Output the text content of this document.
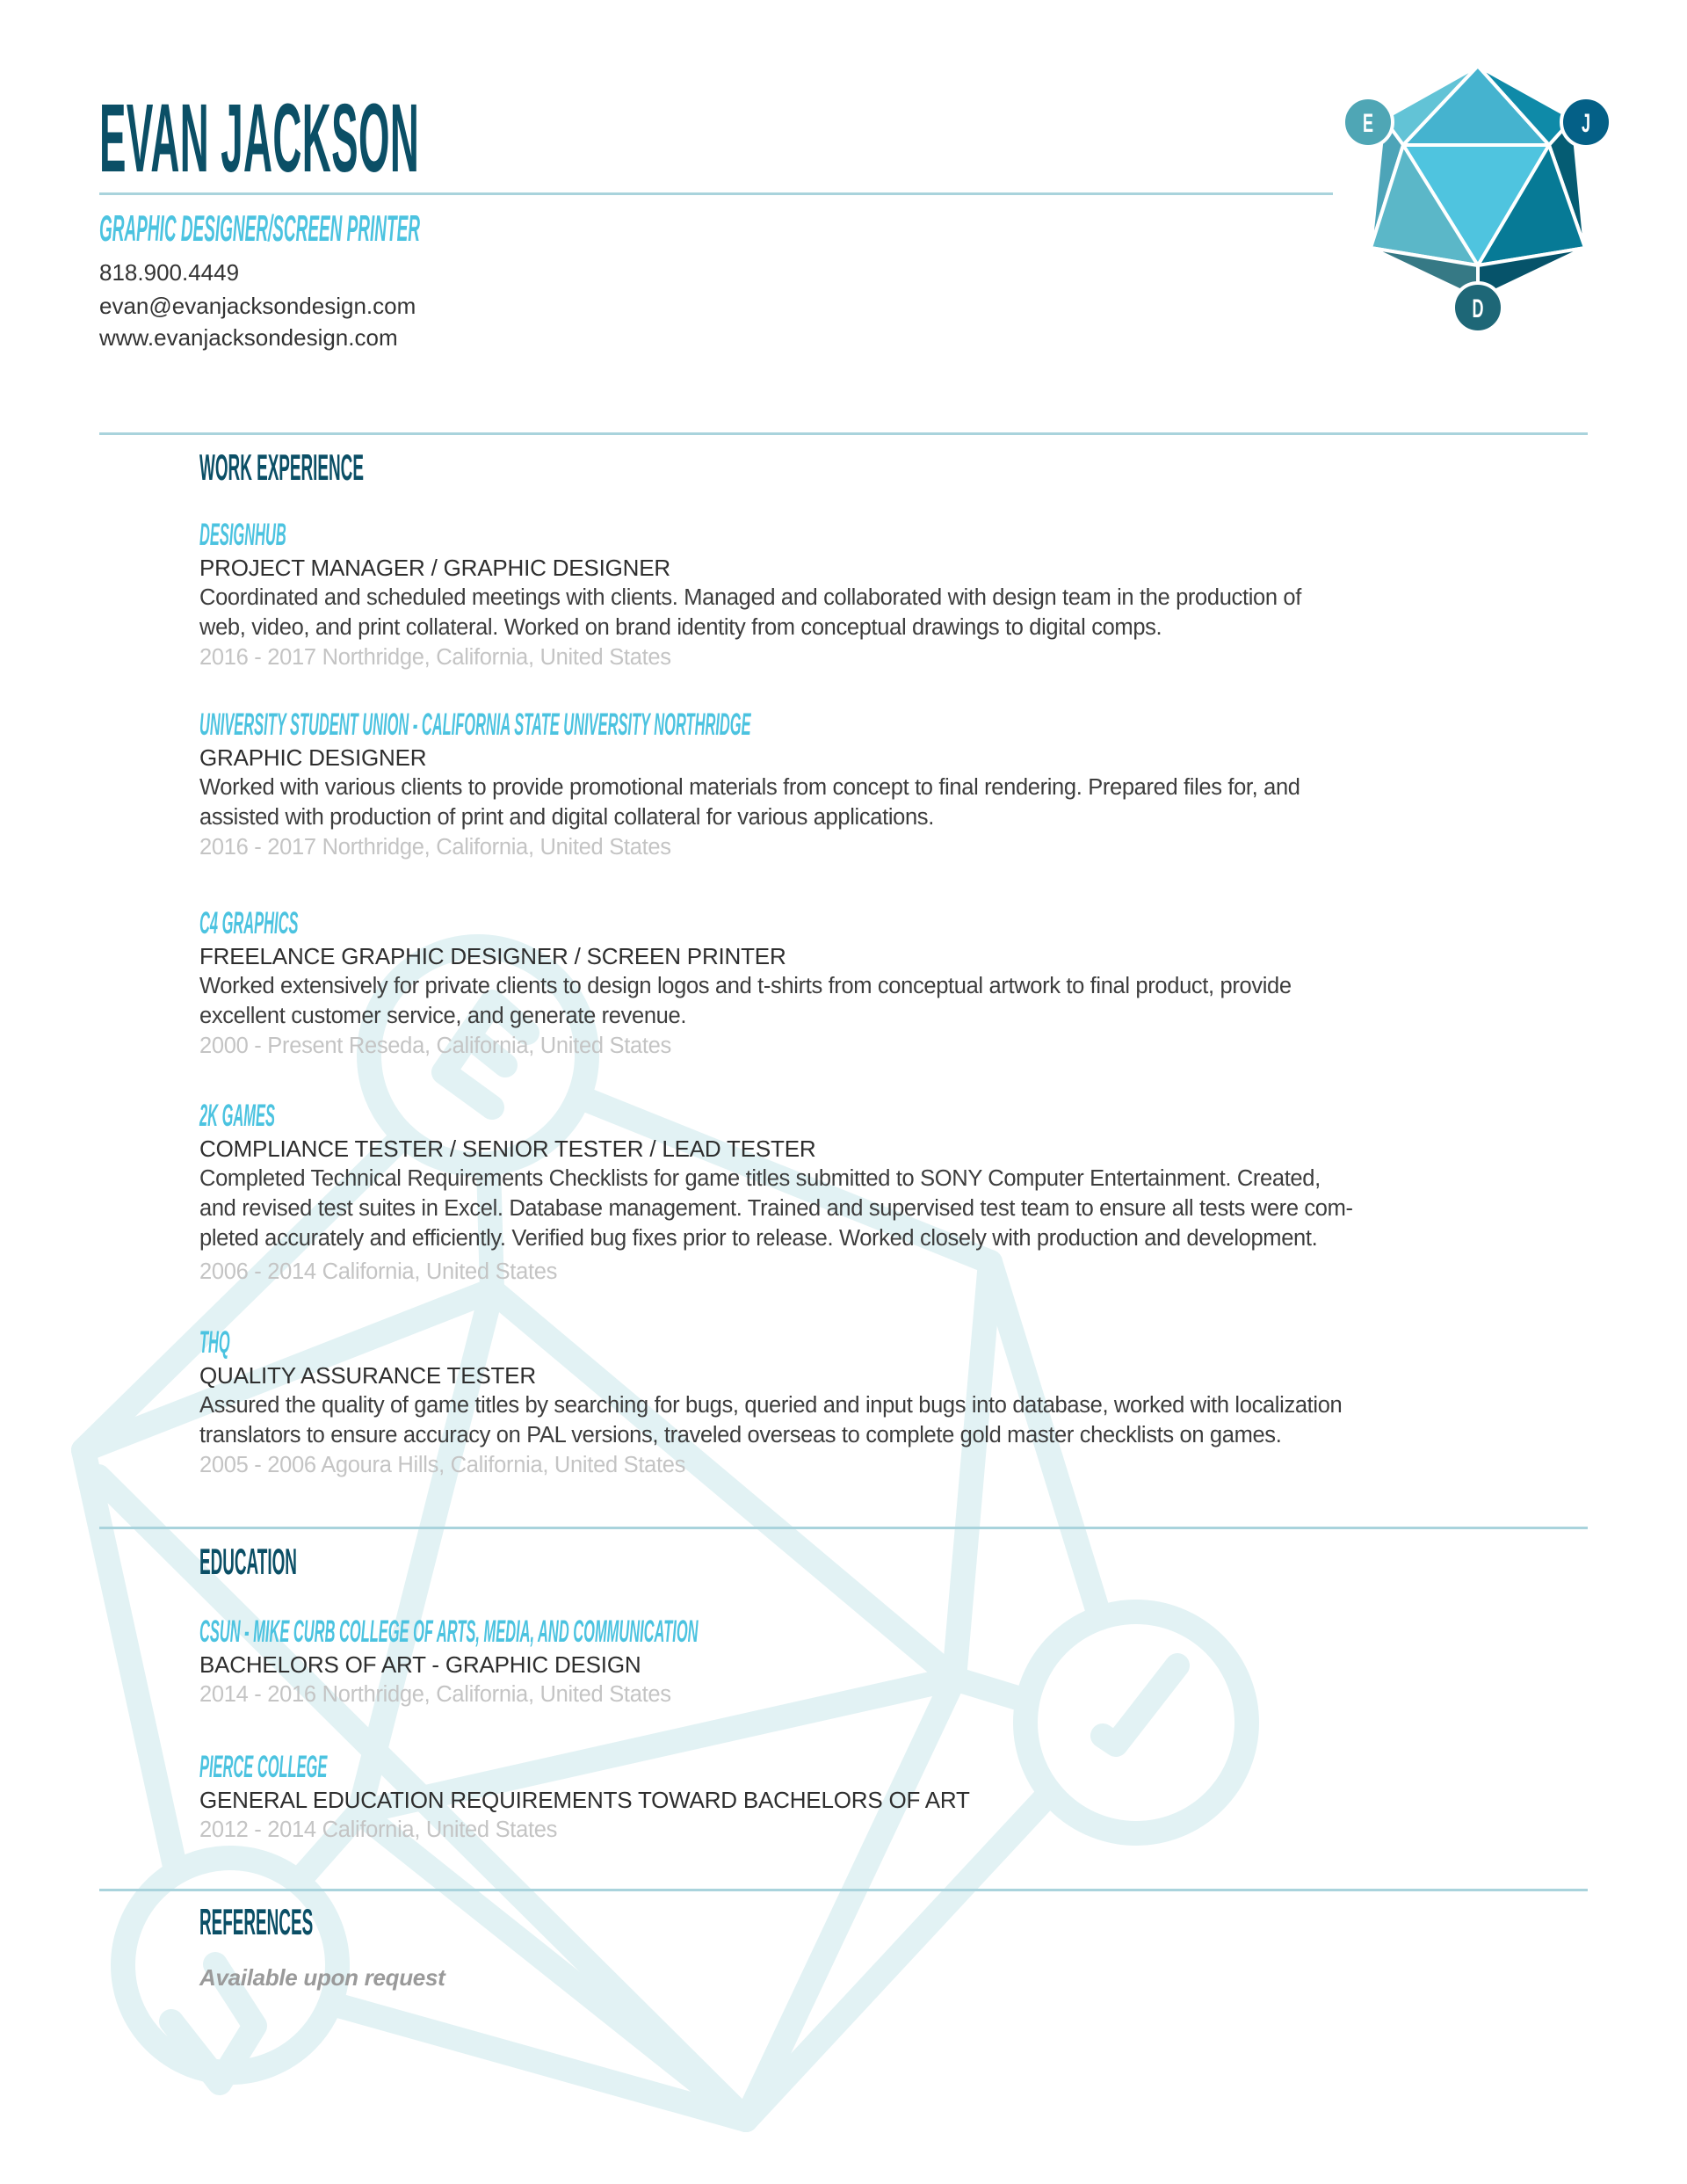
EVAN JACKSON
GRAPHIC DESIGNER/SCREEN PRINTER
818.900.4449
evan@evanjacksondesign.com
www.evanjacksondesign.com
WORK EXPERIENCE
DESIGNHUB
PROJECT MANAGER / GRAPHIC DESIGNER
Coordinated and scheduled meetings with clients. Managed and collaborated with design team in the production of
web, video, and print collateral. Worked on brand identity from conceptual drawings to digital comps.
2016 - 2017 Northridge, California, United States
UNIVERSITY STUDENT UNION - CALIFORNIA STATE UNIVERSITY NORTHRIDGE
GRAPHIC DESIGNER
Worked with various clients to provide promotional materials from concept to final rendering. Prepared files for, and
assisted with production of print and digital collateral for various applications.
2016 - 2017 Northridge, California, United States
C4 GRAPHICS
FREELANCE GRAPHIC DESIGNER / SCREEN PRINTER
Worked extensively for private clients to design logos and t-shirts from conceptual artwork to final product, provide
excellent customer service, and generate revenue.
2000 - Present Reseda, California, United States
2K GAMES
COMPLIANCE TESTER / SENIOR TESTER / LEAD TESTER
Completed Technical Requirements Checklists for game titles submitted to SONY Computer Entertainment. Created,
and revised test suites in Excel. Database management. Trained and supervised test team to ensure all tests were com-
pleted accurately and efficiently. Verified bug fixes prior to release. Worked closely with production and development.
2006 - 2014 California, United States
THQ
QUALITY ASSURANCE TESTER
Assured the quality of game titles by searching for bugs, queried and input bugs into database, worked with localization
translators to ensure accuracy on PAL versions, traveled overseas to complete gold master checklists on games.
2005 - 2006 Agoura Hills, California, United States
EDUCATION
CSUN - MIKE CURB COLLEGE OF ARTS, MEDIA, AND COMMUNICATION
BACHELORS OF ART - GRAPHIC DESIGN
2014 - 2016 Northridge, California, United States
PIERCE COLLEGE
GENERAL EDUCATION REQUIREMENTS TOWARD BACHELORS OF ART
2012 - 2014 California, United States
REFERENCES
Available upon request
E	J
D
